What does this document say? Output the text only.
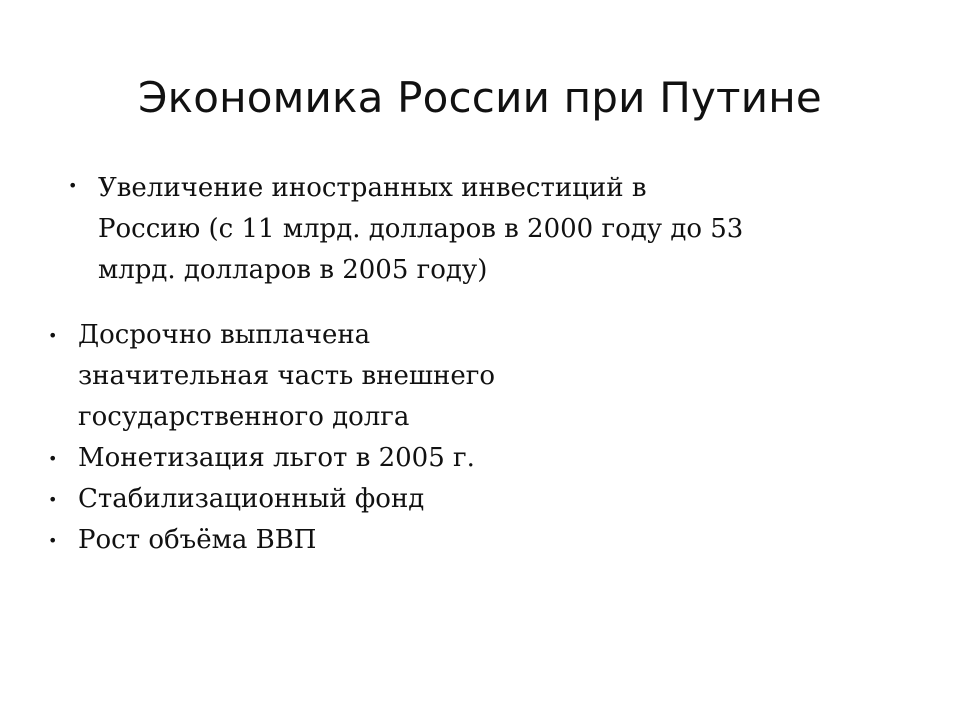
Экономика России при Путине
• Увеличение иностранных инвестиций в
Россию (с 11 млрд. долларов в 2000 году до 53
млрд. долларов в 2005 году)
• Досрочно выплачена
значительная часть внешнего
государственного долга
• Монетизация льгот в 2005 г.
• Стабилизационный фонд
• Рост объёма ВВП
